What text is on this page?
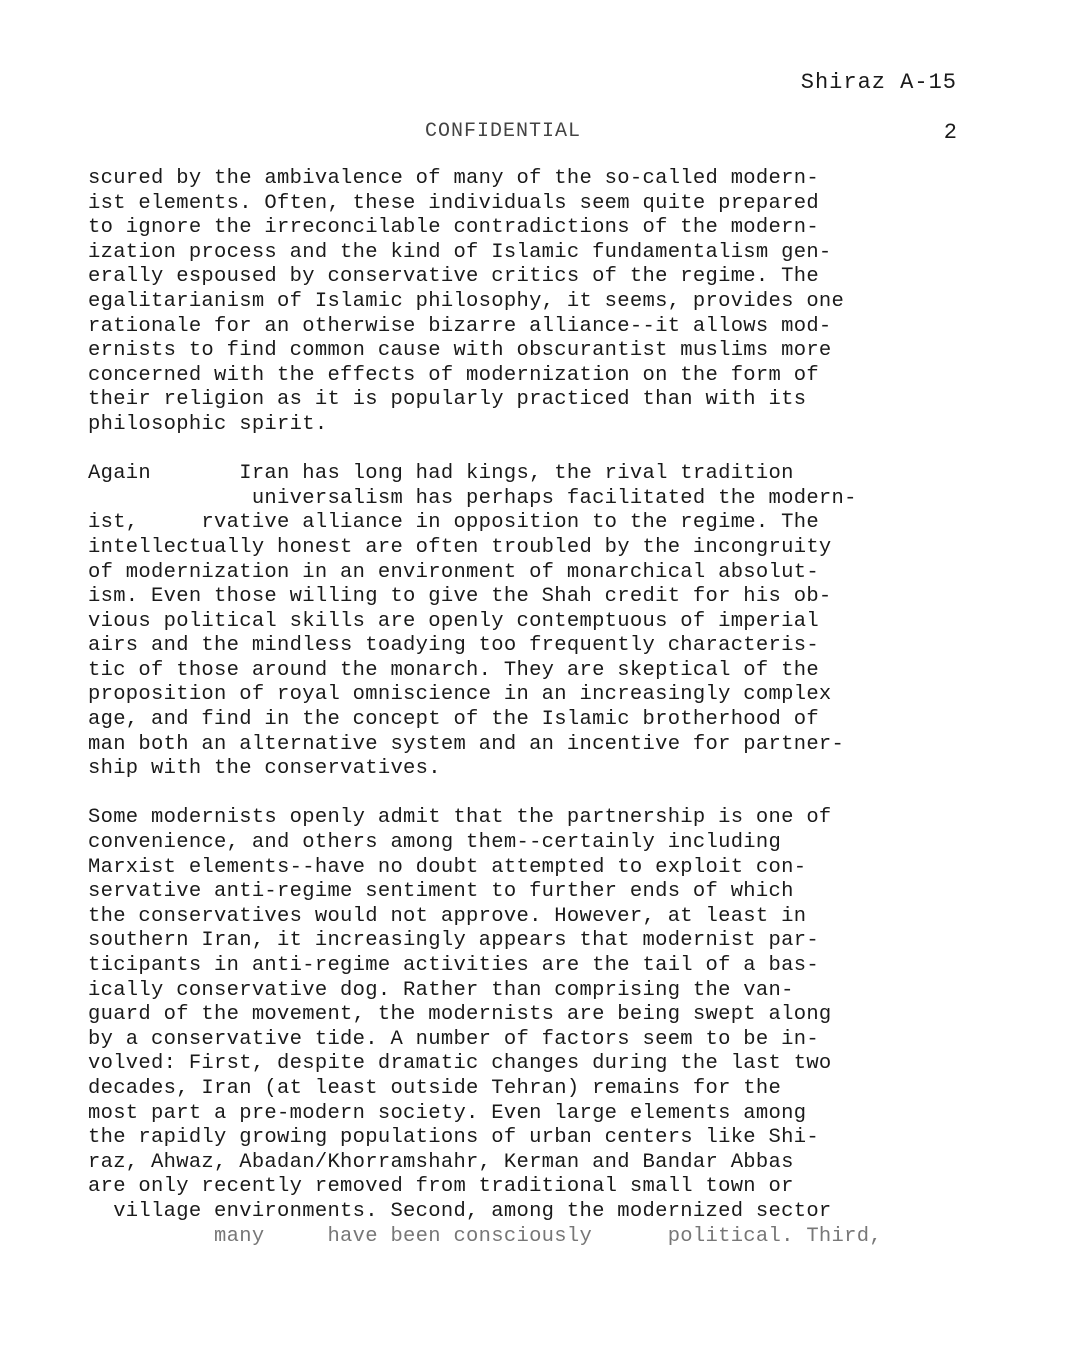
Shiraz A-15
CONFIDENTIAL	2
scured by the ambivalence of many of the so-called modern-
ist elements. Often, these individuals seem quite prepared
to ignore the irreconcilable contradictions of the modern-
ization process and the kind of Islamic fundamentalism gen-
erally espoused by conservative critics of the regime. The
egalitarianism of Islamic philosophy, it seems, provides one
rationale for an otherwise bizarre alliance--it allows mod-
ernists to find common cause with obscurantist muslims more
concerned with the effects of modernization on the form of
their religion as it is popularly practiced than with its
philosophic spirit.
Again       Iran has long had kings, the rival tradition
universalism has perhaps facilitated the modern-
ist,     rvative alliance in opposition to the regime. The
intellectually honest are often troubled by the incongruity
of modernization in an environment of monarchical absolut-
ism. Even those willing to give the Shah credit for his ob-
vious political skills are openly contemptuous of imperial
airs and the mindless toadying too frequently characteris-
tic of those around the monarch. They are skeptical of the
proposition of royal omniscience in an increasingly complex
age, and find in the concept of the Islamic brotherhood of
man both an alternative system and an incentive for partner-
ship with the conservatives.
Some modernists openly admit that the partnership is one of
convenience, and others among them--certainly including
Marxist elements--have no doubt attempted to exploit con-
servative anti-regime sentiment to further ends of which
the conservatives would not approve. However, at least in
southern Iran, it increasingly appears that modernist par-
ticipants in anti-regime activities are the tail of a bas-
ically conservative dog. Rather than comprising the van-
guard of the movement, the modernists are being swept along
by a conservative tide. A number of factors seem to be in-
volved: First, despite dramatic changes during the last two
decades, Iran (at least outside Tehran) remains for the
most part a pre-modern society. Even large elements among
the rapidly growing populations of urban centers like Shi-
raz, Ahwaz, Abadan/Khorramshahr, Kerman and Bandar Abbas
are only recently removed from traditional small town or
village environments. Second, among the modernized sector
many     have been consciously      political. Third,
